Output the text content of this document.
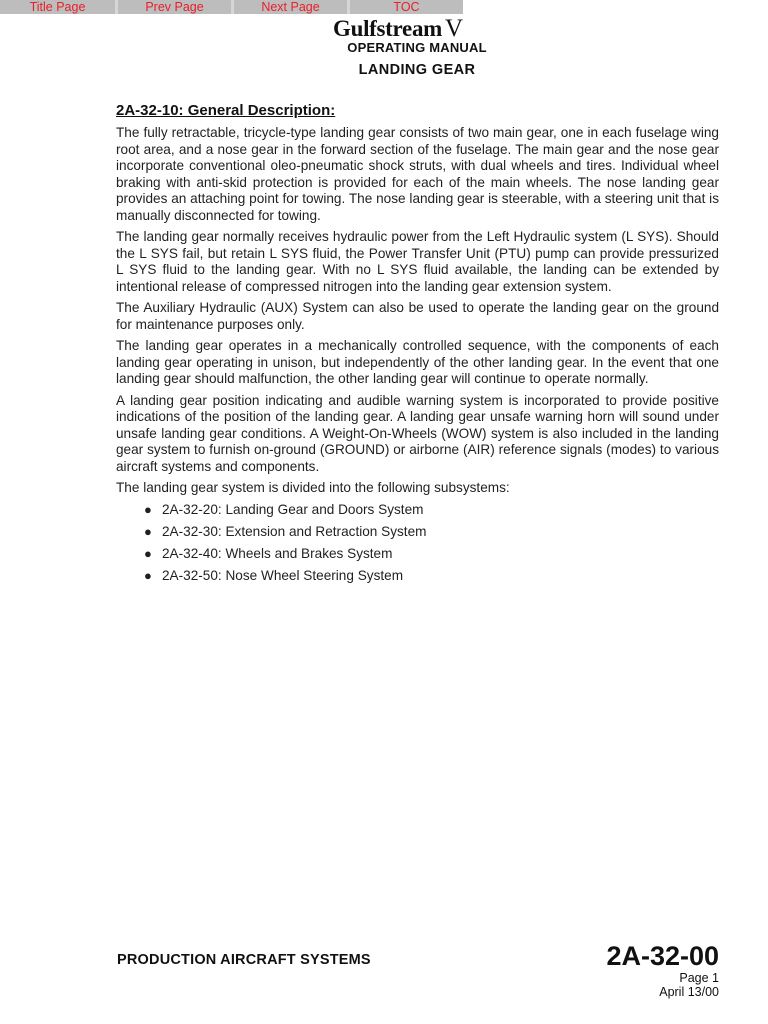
Title Page	Prev Page	Next Page	TOC
Gulfstream V
OPERATING MANUAL
LANDING GEAR
2A-32-10: General Description:

The fully retractable, tricycle-type landing gear consists of two main gear, one in each fuselage wing root area, and a nose gear in the forward section of the fuselage. The main gear and the nose gear incorporate conventional oleo-pneumatic shock struts, with dual wheels and tires. Individual wheel braking with anti-skid protection is provided for each of the main wheels. The nose landing gear provides an attaching point for towing. The nose landing gear is steerable, with a steering unit that is manually disconnected for towing.

The landing gear normally receives hydraulic power from the Left Hydraulic system (L SYS). Should the L SYS fail, but retain L SYS fluid, the Power Transfer Unit (PTU) pump can provide pressurized L SYS fluid to the landing gear. With no L SYS fluid available, the landing can be extended by intentional release of compressed nitrogen into the landing gear extension system.

The Auxiliary Hydraulic (AUX) System can also be used to operate the landing gear on the ground for maintenance purposes only.

The landing gear operates in a mechanically controlled sequence, with the components of each landing gear operating in unison, but independently of the other landing gear. In the event that one landing gear should malfunction, the other landing gear will continue to operate normally.

A landing gear position indicating and audible warning system is incorporated to provide positive indications of the position of the landing gear. A landing gear unsafe warning horn will sound under unsafe landing gear conditions. A Weight-On-Wheels (WOW) system is also included in the landing gear system to furnish on-ground (GROUND) or airborne (AIR) reference signals (modes) to various aircraft systems and components.

The landing gear system is divided into the following subsystems:

● 2A-32-20: Landing Gear and Doors System
● 2A-32-30: Extension and Retraction System
● 2A-32-40: Wheels and Brakes System
● 2A-32-50: Nose Wheel Steering System
PRODUCTION AIRCRAFT SYSTEMS	2A-32-00
Page 1
April 13/00
